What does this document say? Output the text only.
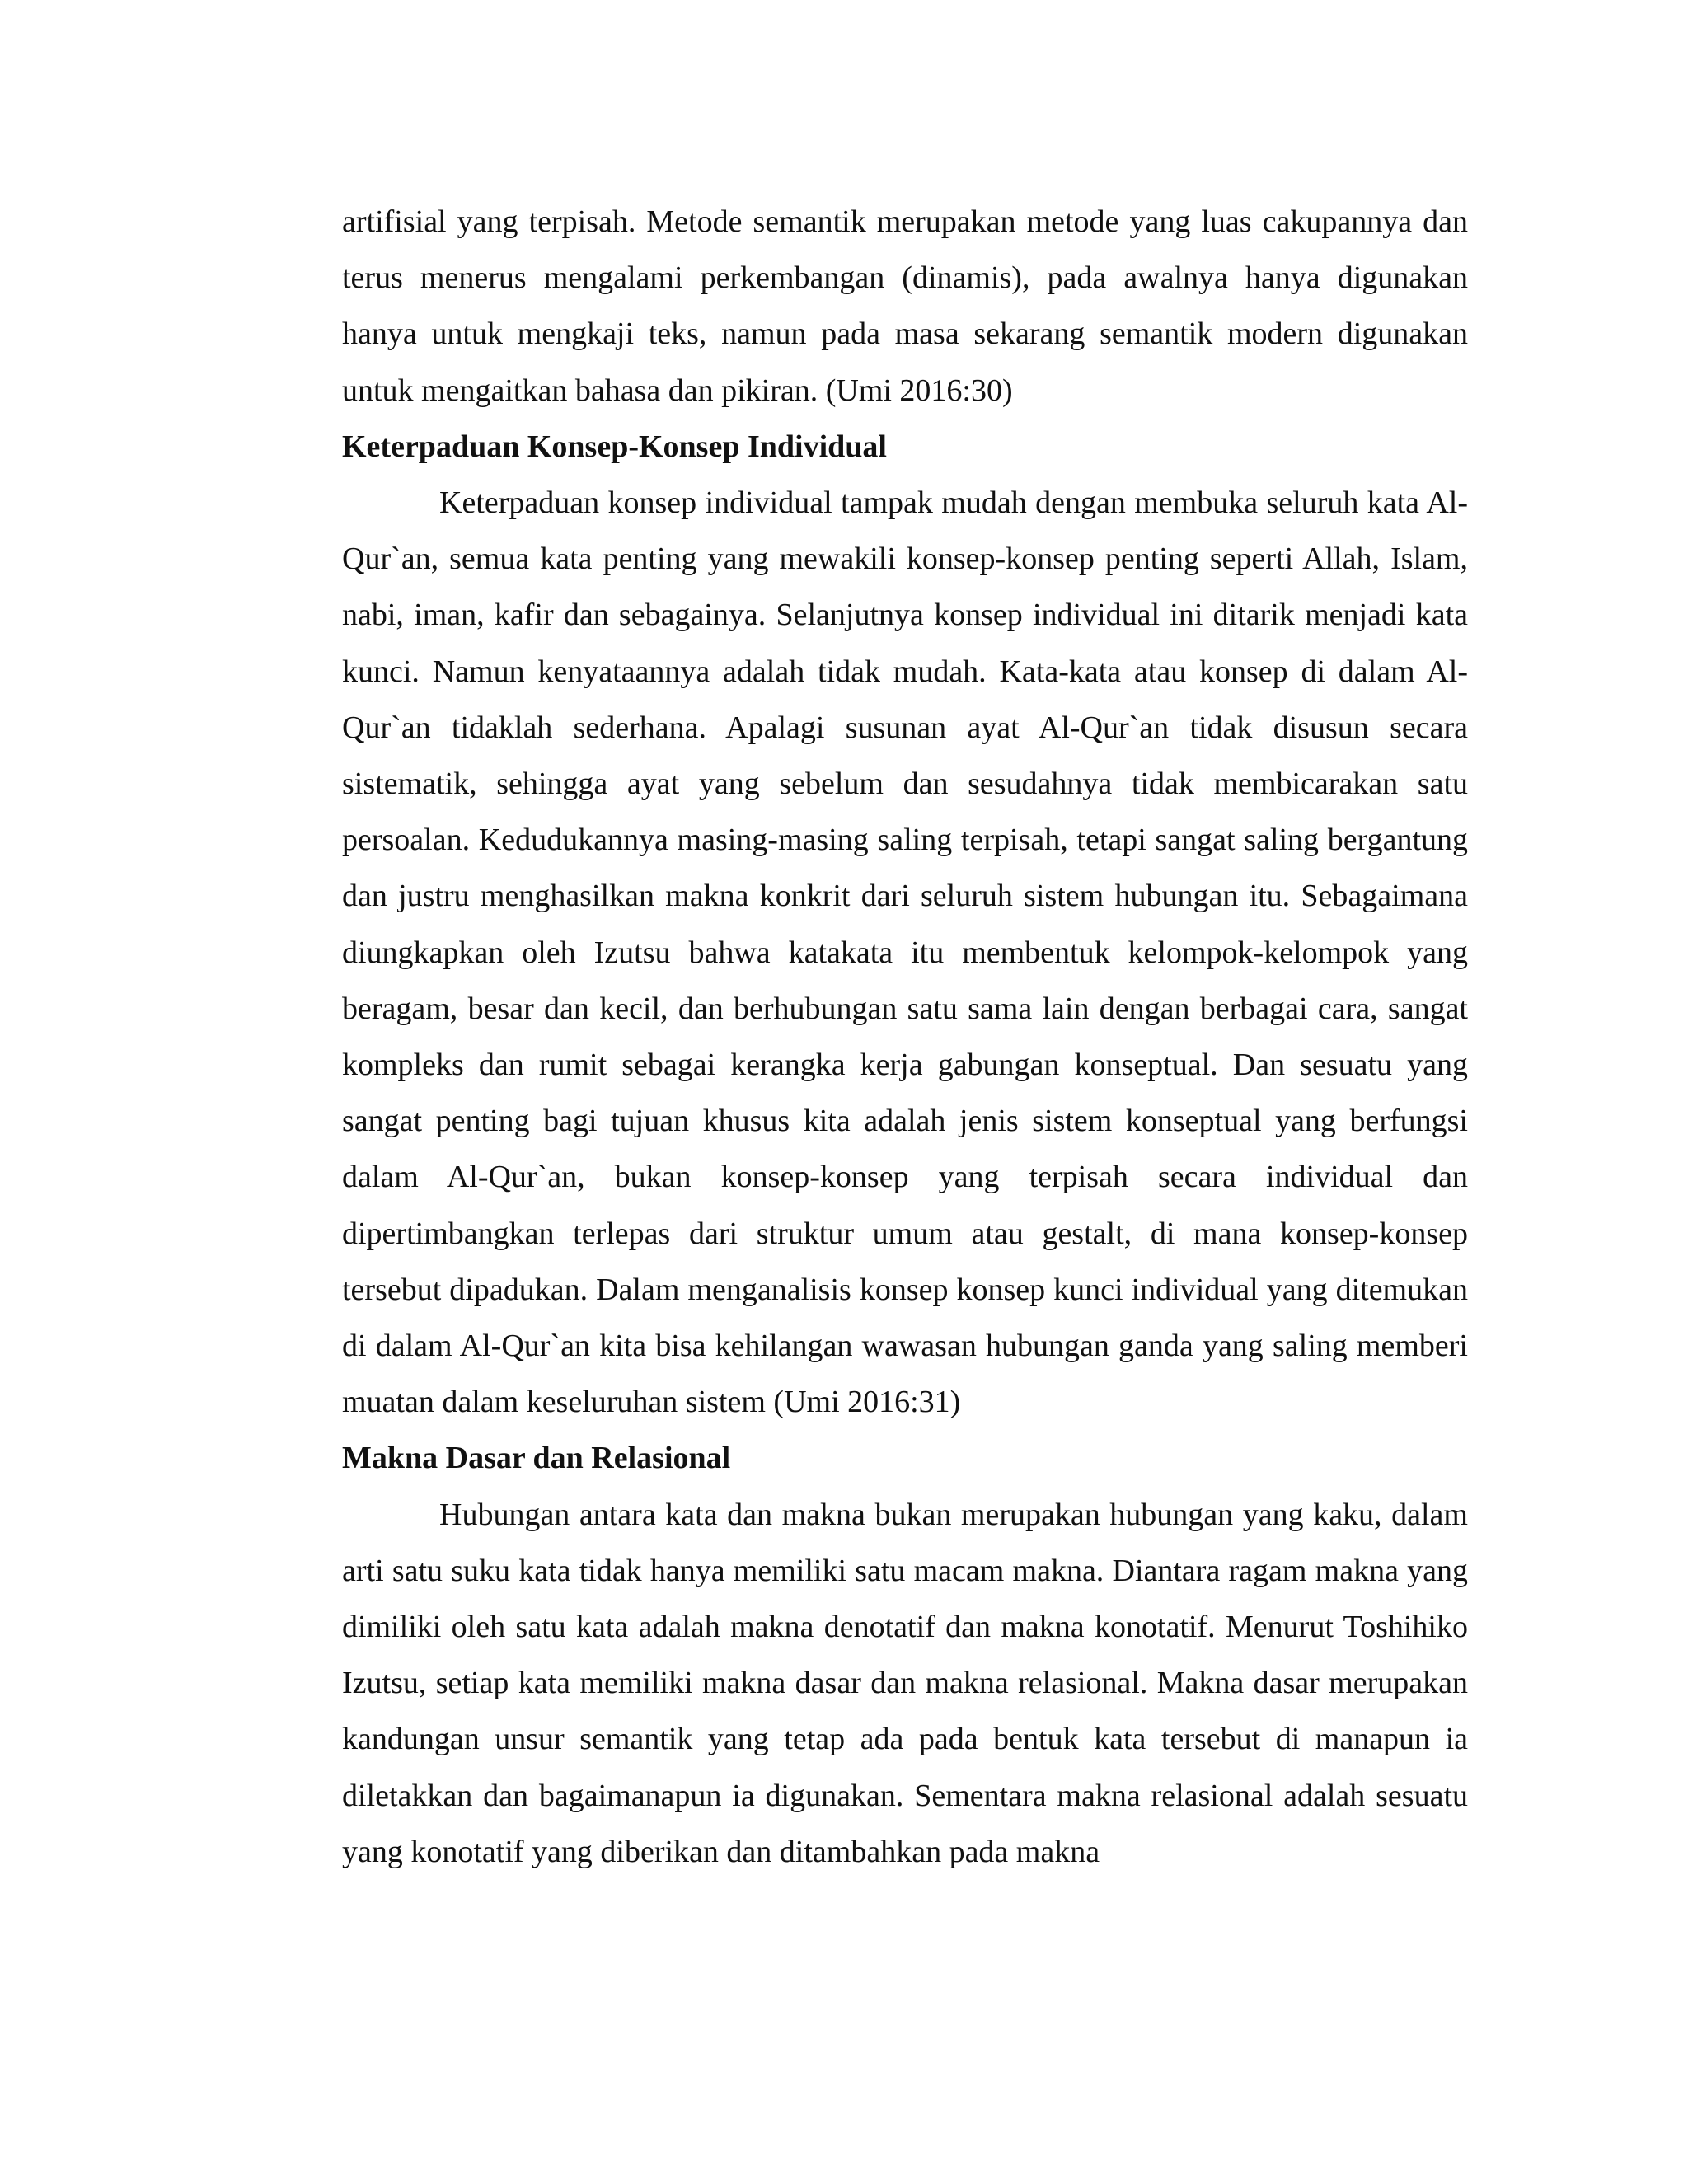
artifisial yang terpisah. Metode semantik merupakan metode yang luas cakupannya dan terus menerus mengalami perkembangan (dinamis), pada awalnya hanya digunakan hanya untuk mengkaji teks, namun pada masa sekarang semantik modern digunakan untuk mengaitkan bahasa dan pikiran. (Umi 2016:30)

Keterpaduan Konsep-Konsep Individual

Keterpaduan konsep individual tampak mudah dengan membuka seluruh kata Al-Qur`an, semua kata penting yang mewakili konsep-konsep penting seperti Allah, Islam, nabi, iman, kafir dan sebagainya. Selanjutnya konsep individual ini ditarik menjadi kata kunci. Namun kenyataannya adalah tidak mudah. Kata-kata atau konsep di dalam Al-Qur`an tidaklah sederhana. Apalagi susunan ayat Al-Qur`an tidak disusun secara sistematik, sehingga ayat yang sebelum dan sesudahnya tidak membicarakan satu persoalan. Kedudukannya masing-masing saling terpisah, tetapi sangat saling bergantung dan justru menghasilkan makna konkrit dari seluruh sistem hubungan itu. Sebagaimana diungkapkan oleh Izutsu bahwa katakata itu membentuk kelompok-kelompok yang beragam, besar dan kecil, dan berhubungan satu sama lain dengan berbagai cara, sangat kompleks dan rumit sebagai kerangka kerja gabungan konseptual. Dan sesuatu yang sangat penting bagi tujuan khusus kita adalah jenis sistem konseptual yang berfungsi dalam Al-Qur`an, bukan konsep-konsep yang terpisah secara individual dan dipertimbangkan terlepas dari struktur umum atau gestalt, di mana konsep-konsep tersebut dipadukan. Dalam menganalisis konsep konsep kunci individual yang ditemukan di dalam Al-Qur`an kita bisa kehilangan wawasan hubungan ganda yang saling memberi muatan dalam keseluruhan sistem (Umi 2016:31)

Makna Dasar dan Relasional

Hubungan antara kata dan makna bukan merupakan hubungan yang kaku, dalam arti satu suku kata tidak hanya memiliki satu macam makna. Diantara ragam makna yang dimiliki oleh satu kata adalah makna denotatif dan makna konotatif. Menurut Toshihiko Izutsu, setiap kata memiliki makna dasar dan makna relasional. Makna dasar merupakan kandungan unsur semantik yang tetap ada pada bentuk kata tersebut di manapun ia diletakkan dan bagaimanapun ia digunakan. Sementara makna relasional adalah sesuatu yang konotatif yang diberikan dan ditambahkan pada makna
